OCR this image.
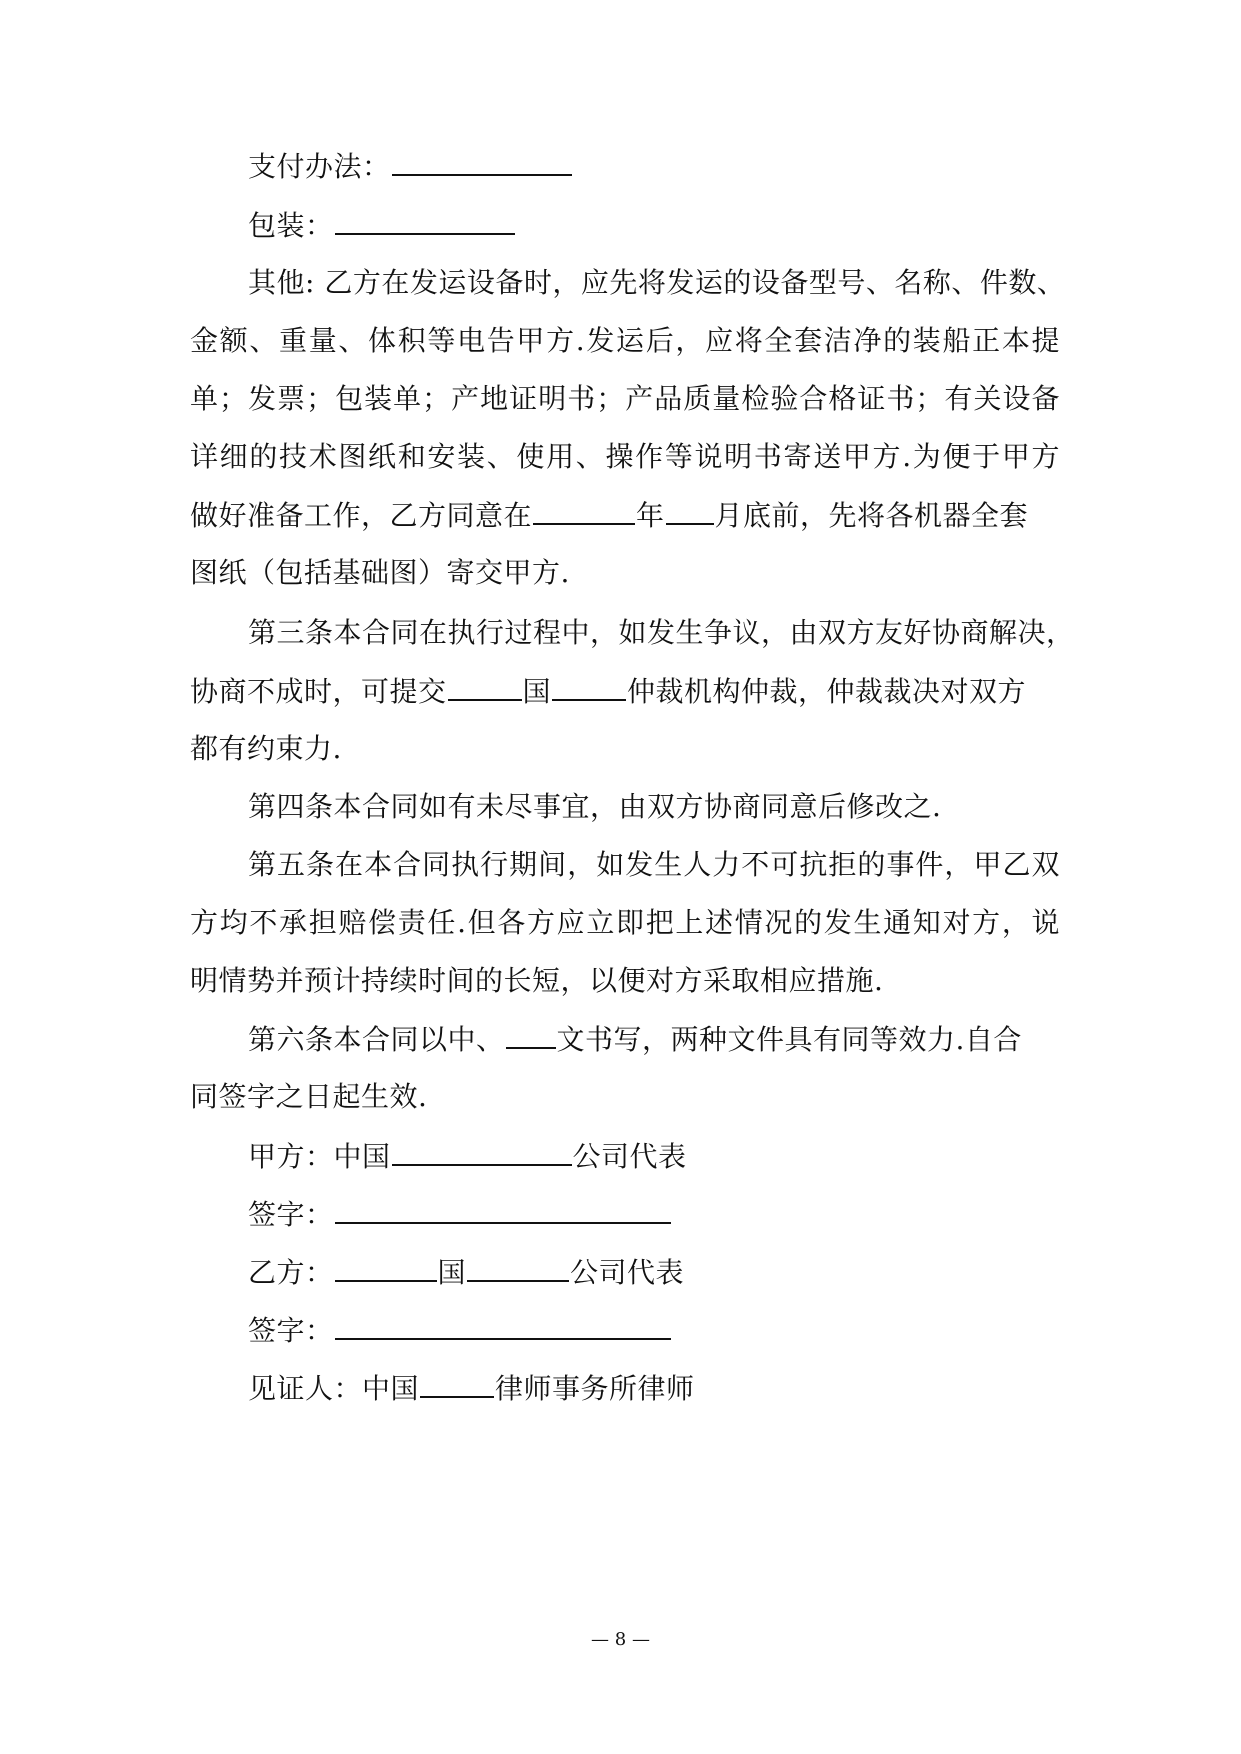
支付办法：
包装：
其他: 乙方在发运设备时，应先将发运的设备型号、名称、件数、
金额、重量、体积等电告甲方.发运后，应将全套洁净的装船正本提
单；发票；包装单；产地证明书；产品质量检验合格证书；有关设备
详细的技术图纸和安装、使用、操作等说明书寄送甲方.为便于甲方
做好准备工作，乙方同意在	年 月底前，先将各机器全套
图纸（包括基础图）寄交甲方.
第三条本合同在执行过程中，如发生争议，由双方友好协商解决，
协商不成时，可提交	国	仲裁机构仲裁，仲裁裁决对双方
都有约束力.
第四条本合同如有未尽事宜，由双方协商同意后修改之.
第五条在本合同执行期间，如发生人力不可抗拒的事件，甲乙双
方均不承担赔偿责任.但各方应立即把上述情况的发生通知对方，说
明情势并预计持续时间的长短，以便对方采取相应措施.
第六条本合同以中、 文书写，两种文件具有同等效力.自合
同签字之日起生效.
甲方：中国	公司代表
签字：
乙方：	国	公司代表
签字：
见证人：中国	律师事务所律师
— 8 —
